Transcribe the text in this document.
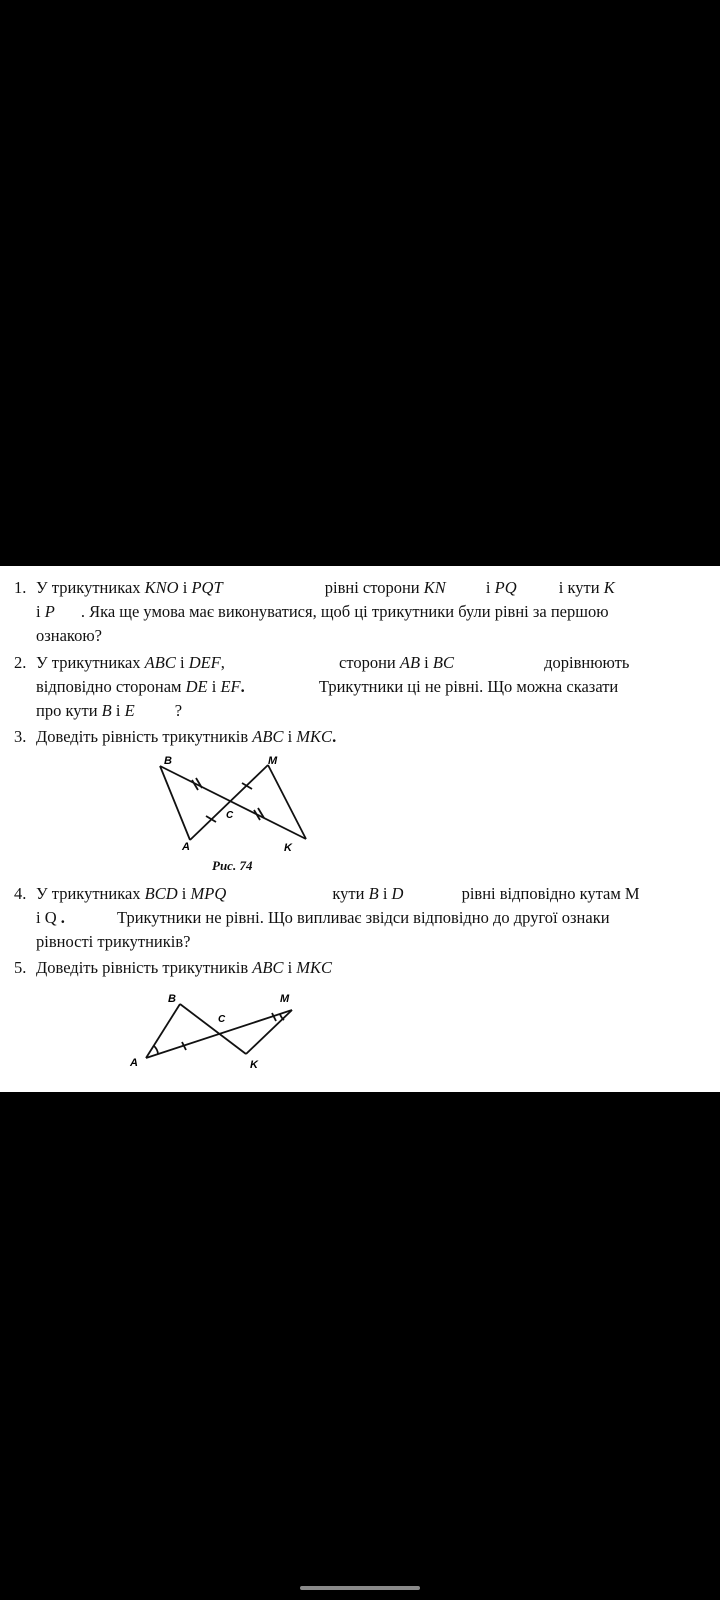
1. У трикутниках KNO і PQT	рівні сторони KN і PQ	і кути K
і P . Яка ще умова має виконуватися, щоб ці трикутники були рівні за першою
ознакою?
2. У трикутниках ABC і DEF,	сторони AB і BC	дорівнюють
відповідно сторонам DE і EF.	Трикутники ці не рівні. Що можна сказати
про кути B і E ?
3. Доведіть рівність трикутників ABC і MKC.
B	M
C
A	K
Рис. 74
4. У трикутниках BCD і MPQ	кути B і D	рівні відповідно кутам М
і Q .	Трикутники не рівні. Що випливає звідси відповідно до другої ознаки
рівності трикутників?
5. Доведіть рівність трикутників ABC і MKC
B	M
C
A	K
